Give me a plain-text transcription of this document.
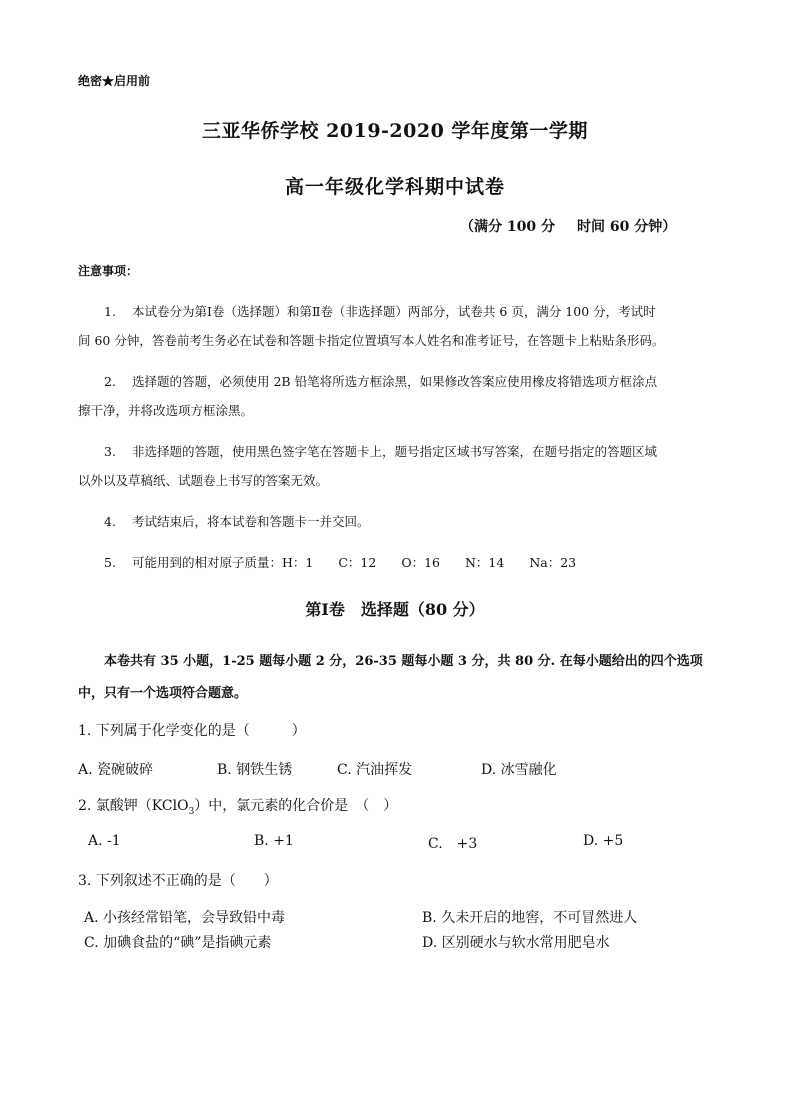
绝密★启用前
三亚华侨学校 2019-2020 学年度第一学期
高一年级化学科期中试卷
（满分 100 分 时间 60 分钟）
注意事项：
1. 本试卷分为第Ⅰ卷（选择题）和第Ⅱ卷（非选择题）两部分，试卷共 6 页，满分 100 分，考试时
间 60 分钟，答卷前考生务必在试卷和答题卡指定位置填写本人姓名和准考证号，在答题卡上粘贴条形码。
2. 选择题的答题，必须使用 2B 铅笔将所选方框涂黑，如果修改答案应使用橡皮将错选项方框涂点
擦干净，并将改选项方框涂黑。
3. 非选择题的答题，使用黑色签字笔在答题卡上，题号指定区域书写答案，在题号指定的答题区域
以外以及草稿纸、试题卷上书写的答案无效。
4. 考试结束后，将本试卷和答题卡一并交回。
5. 可能用到的相对原子质量：H：1　　C：12　　O：16　　N：14　　Na：23
第Ⅰ卷　选择题（80 分）
本卷共有 35 小题，1-25 题每小题 2 分，26-35 题每小题 3 分，共 80 分. 在每小题给出的四个选项中，只有一个选项符合题意。
1. 下列属于化学变化的是（　　　）
A. 瓷碗破碎	B. 钢铁生锈	C. 汽油挥发	D. 冰雪融化
2. 氯酸钾（KClO$_3$）中，氯元素的化合价是　（　）
A. -1	B. +1	C.　+3	D. +5
3. 下列叙述不正确的是（　　）
A. 小孩经常铅笔，会导致铅中毒	B. 久未开启的地窖，不可冒然进人
C. 加碘食盐的“碘”是指碘元素	D. 区别硬水与软水常用肥皂水
